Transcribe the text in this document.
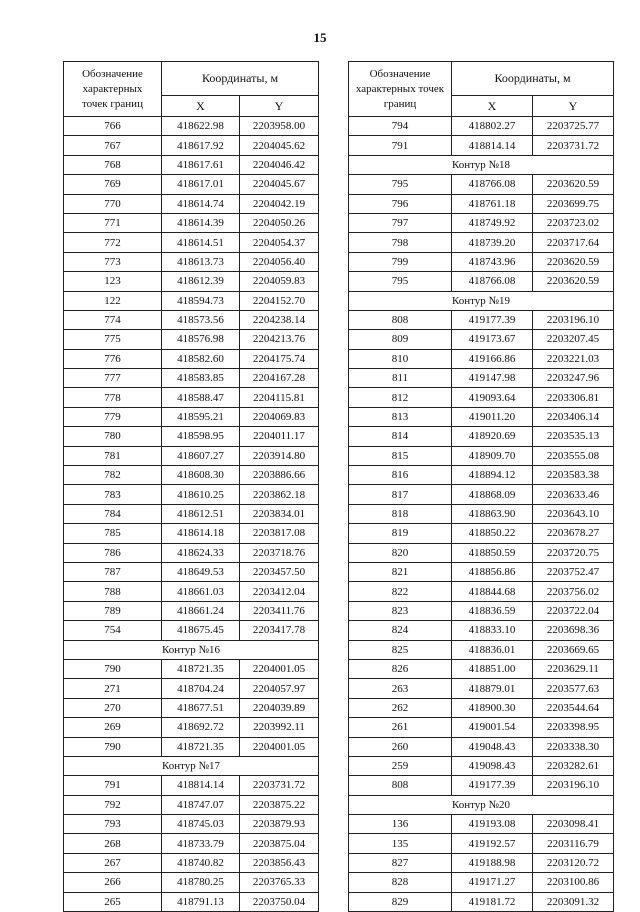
15
Обозначение характерных точек границ	Координаты, м	
	X	Y
766	418622.98	2203958.00
767	418617.92	2204045.62
768	418617.61	2204046.42
769	418617.01	2204045.67
770	418614.74	2204042.19
771	418614.39	2204050.26
772	418614.51	2204054.37
773	418613.73	2204056.40
123	418612.39	2204059.83
122	418594.73	2204152.70
774	418573.56	2204238.14
775	418576.98	2204213.76
776	418582.60	2204175.74
777	418583.85	2204167.28
778	418588.47	2204115.81
779	418595.21	2204069.83
780	418598.95	2204011.17
781	418607.27	2203914.80
782	418608.30	2203886.66
783	418610.25	2203862.18
784	418612.51	2203834.01
785	418614.18	2203817.08
786	418624.33	2203718.76
787	418649.53	2203457.50
788	418661.03	2203412.04
789	418661.24	2203411.76
754	418675.45	2203417.78
Контур №16		
790	418721.35	2204001.05
271	418704.24	2204057.97
270	418677.51	2204039.89
269	418692.72	2203992.11
790	418721.35	2204001.05
Контур №17		
791	418814.14	2203731.72
792	418747.07	2203875.22
793	418745.03	2203879.93
268	418733.79	2203875.04
267	418740.82	2203856.43
266	418780.25	2203765.33
265	418791.13	2203750.04
Обозначение характерных точек границ	Координаты, м	
	X	Y
794	418802.27	2203725.77
791	418814.14	2203731.72
Контур №18		
795	418766.08	2203620.59
796	418761.18	2203699.75
797	418749.92	2203723.02
798	418739.20	2203717.64
799	418743.96	2203620.59
795	418766.08	2203620.59
Контур №19		
808	419177.39	2203196.10
809	419173.67	2203207.45
810	419166.86	2203221.03
811	419147.98	2203247.96
812	419093.64	2203306.81
813	419011.20	2203406.14
814	418920.69	2203535.13
815	418909.70	2203555.08
816	418894.12	2203583.38
817	418868.09	2203633.46
818	418863.90	2203643.10
819	418850.22	2203678.27
820	418850.59	2203720.75
821	418856.86	2203752.47
822	418844.68	2203756.02
823	418836.59	2203722.04
824	418833.10	2203698.36
825	418836.01	2203669.65
826	418851.00	2203629.11
263	418879.01	2203577.63
262	418900.30	2203544.64
261	419001.54	2203398.95
260	419048.43	2203338.30
259	419098.43	2203282.61
808	419177.39	2203196.10
Контур №20		
136	419193.08	2203098.41
135	419192.57	2203116.79
827	419188.98	2203120.72
828	419171.27	2203100.86
829	419181.72	2203091.32
